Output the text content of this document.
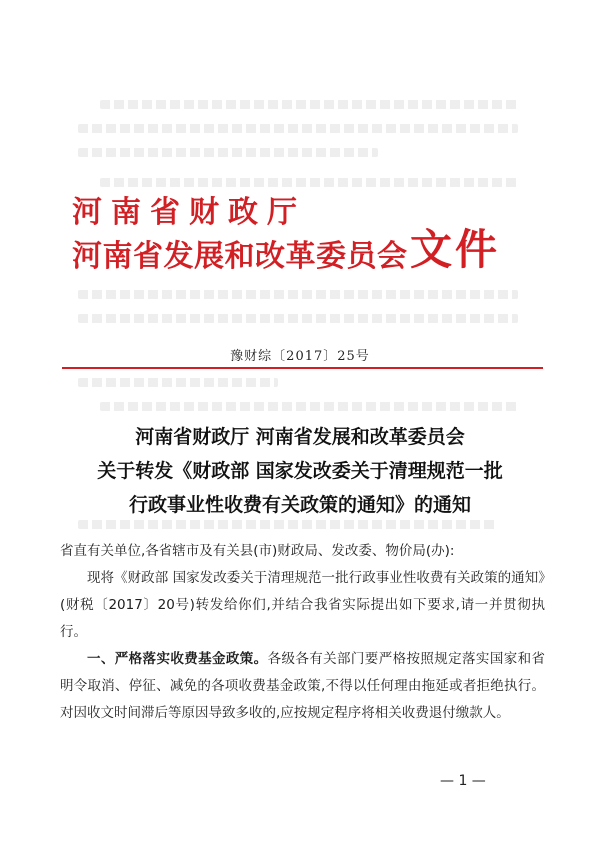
河南省财政厅
河南省发展和改革委员会 文件
豫财综〔2017〕25号
河南省财政厅 河南省发展和改革委员会
关于转发《财政部 国家发改委关于清理规范一批
行政事业性收费有关政策的通知》的通知

省直有关单位,各省辖市及有关县(市)财政局、发改委、物价局(办):

现将《财政部 国家发改委关于清理规范一批行政事业性收费有关政策的通知》(财税〔2017〕20号)转发给你们,并结合我省实际提出如下要求,请一并贯彻执行。

一、严格落实收费基金政策。各级各有关部门要严格按照规定落实国家和省明令取消、停征、减免的各项收费基金政策,不得以任何理由拖延或者拒绝执行。对因收文时间滞后等原因导致多收的,应按规定程序将相关收费退付缴款人。

— 1 —
